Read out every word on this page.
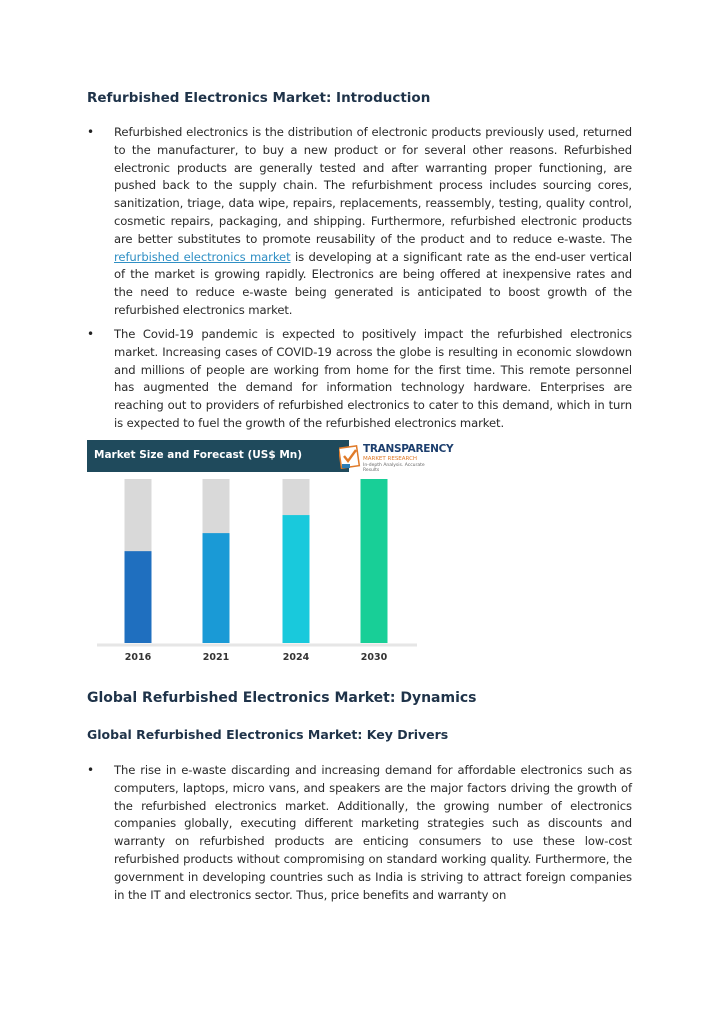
Refurbished Electronics Market: Introduction
• Refurbished electronics is the distribution of electronic products previously used, returned to the manufacturer, to buy a new product or for several other reasons. Refurbished electronic products are generally tested and after warranting proper functioning, are pushed back to the supply chain. The refurbishment process includes sourcing cores, sanitization, triage, data wipe, repairs, replacements, reassembly, testing, quality control, cosmetic repairs, packaging, and shipping. Furthermore, refurbished electronic products are better substitutes to promote reusability of the product and to reduce e-waste. The refurbished electronics market is developing at a significant rate as the end-user vertical of the market is growing rapidly. Electronics are being offered at inexpensive rates and the need to reduce e-waste being generated is anticipated to boost growth of the refurbished electronics market.

• The Covid-19 pandemic is expected to positively impact the refurbished electronics market. Increasing cases of COVID-19 across the globe is resulting in economic slowdown and millions of people are working from home for the first time. This remote personnel has augmented the demand for information technology hardware. Enterprises are reaching out to providers of refurbished electronics to cater to this demand, which in turn is expected to fuel the growth of the refurbished electronics market.

Market Size and Forecast (US$ Mn)	TRANSPARENCY
MARKET RESEARCH
In-depth Analysis. Accurate Results
2016	2021	2024	2030
Global Refurbished Electronics Market: Dynamics
Global Refurbished Electronics Market: Key Drivers
• The rise in e-waste discarding and increasing demand for affordable electronics such as computers, laptops, micro vans, and speakers are the major factors driving the growth of the refurbished electronics market. Additionally, the growing number of electronics companies globally, executing different marketing strategies such as discounts and warranty on refurbished products are enticing consumers to use these low-cost refurbished products without compromising on standard working quality. Furthermore, the government in developing countries such as India is striving to attract foreign companies in the IT and electronics sector. Thus, price benefits and warranty on
